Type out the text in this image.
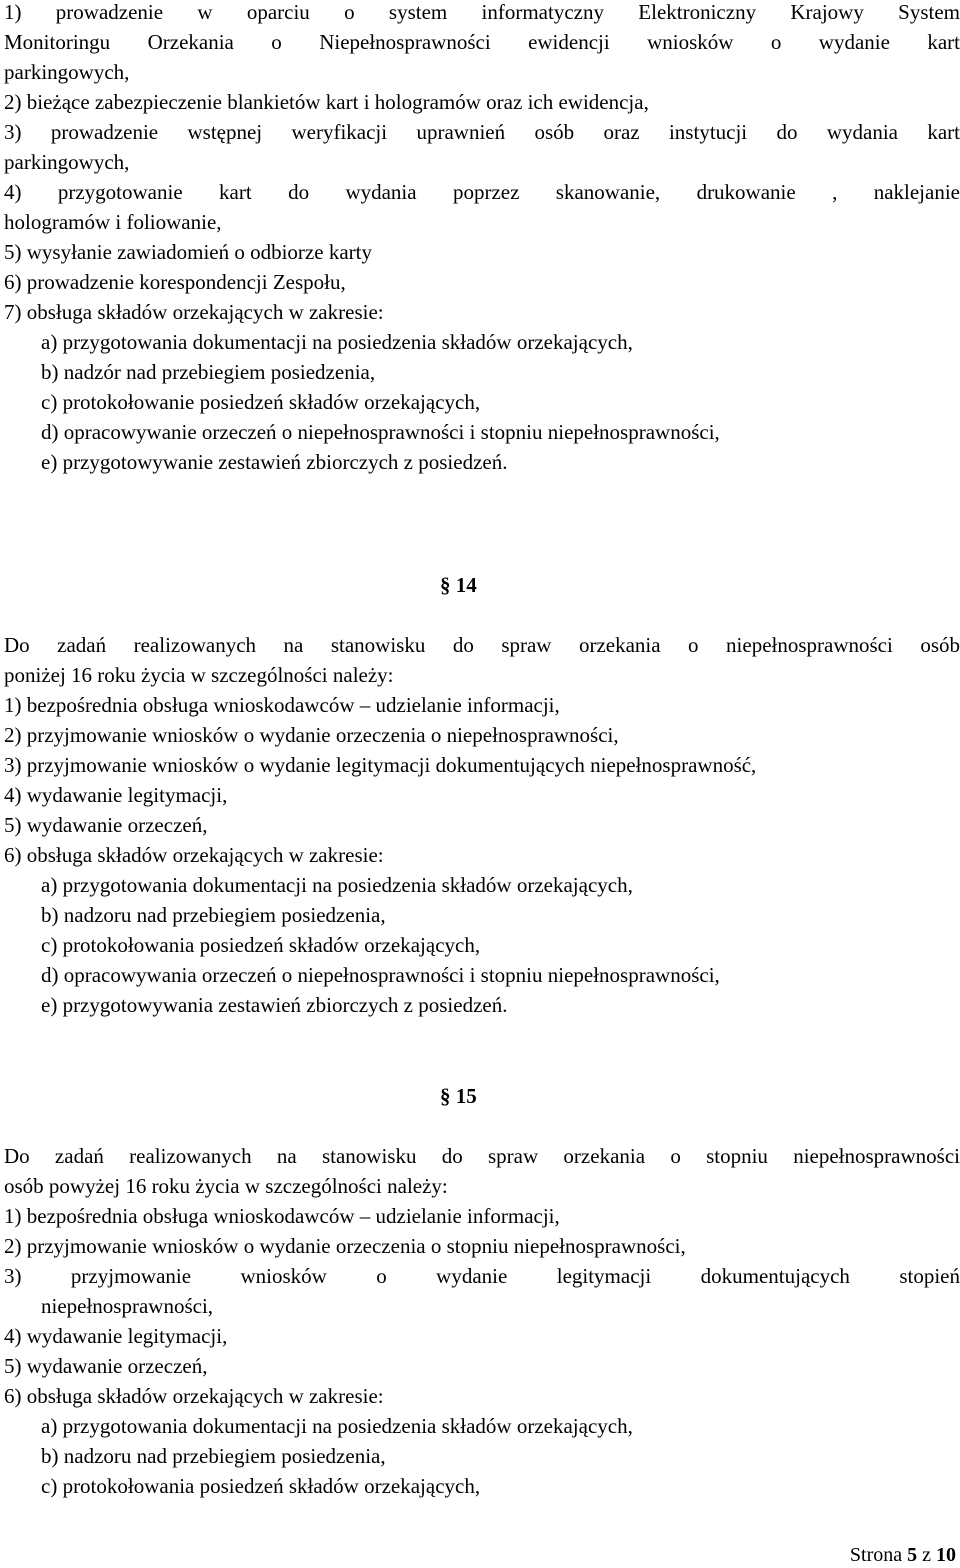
1) prowadzenie w oparciu o system informatyczny Elektroniczny Krajowy System
Monitoringu Orzekania o Niepełnosprawności ewidencji wniosków o wydanie kart
parkingowych,
2) bieżące zabezpieczenie blankietów kart i hologramów oraz ich ewidencja,
3) prowadzenie wstępnej weryfikacji uprawnień osób oraz instytucji do wydania kart
parkingowych,
4) przygotowanie kart do wydania poprzez skanowanie, drukowanie , naklejanie
hologramów i foliowanie,
5) wysyłanie zawiadomień o odbiorze karty
6) prowadzenie korespondencji Zespołu,
7) obsługa składów orzekających w zakresie:
a) przygotowania dokumentacji na posiedzenia składów orzekających,
b) nadzór nad przebiegiem posiedzenia,
c) protokołowanie posiedzeń składów orzekających,
d) opracowywanie orzeczeń o niepełnosprawności i stopniu niepełnosprawności,
e) przygotowywanie zestawień zbiorczych z posiedzeń.
§ 14
Do zadań realizowanych na stanowisku do spraw orzekania o niepełnosprawności osób
poniżej 16 roku życia w szczególności należy:
1) bezpośrednia obsługa wnioskodawców – udzielanie informacji,
2) przyjmowanie wniosków o wydanie orzeczenia o niepełnosprawności,
3) przyjmowanie wniosków o wydanie legitymacji dokumentujących niepełnosprawność,
4) wydawanie legitymacji,
5) wydawanie orzeczeń,
6) obsługa składów orzekających w zakresie:
a) przygotowania dokumentacji na posiedzenia składów orzekających,
b) nadzoru nad przebiegiem posiedzenia,
c) protokołowania posiedzeń składów orzekających,
d) opracowywania orzeczeń o niepełnosprawności i stopniu niepełnosprawności,
e) przygotowywania zestawień zbiorczych z posiedzeń.
§ 15
Do zadań realizowanych na stanowisku do spraw orzekania o stopniu niepełnosprawności
osób powyżej 16 roku życia w szczególności należy:
1) bezpośrednia obsługa wnioskodawców – udzielanie informacji,
2) przyjmowanie wniosków o wydanie orzeczenia o stopniu niepełnosprawności,
3) przyjmowanie wniosków o wydanie legitymacji dokumentujących stopień
niepełnosprawności,
4) wydawanie legitymacji,
5) wydawanie orzeczeń,
6) obsługa składów orzekających w zakresie:
a) przygotowania dokumentacji na posiedzenia składów orzekających,
b) nadzoru nad przebiegiem posiedzenia,
c) protokołowania posiedzeń składów orzekających,
Strona 5 z 10
